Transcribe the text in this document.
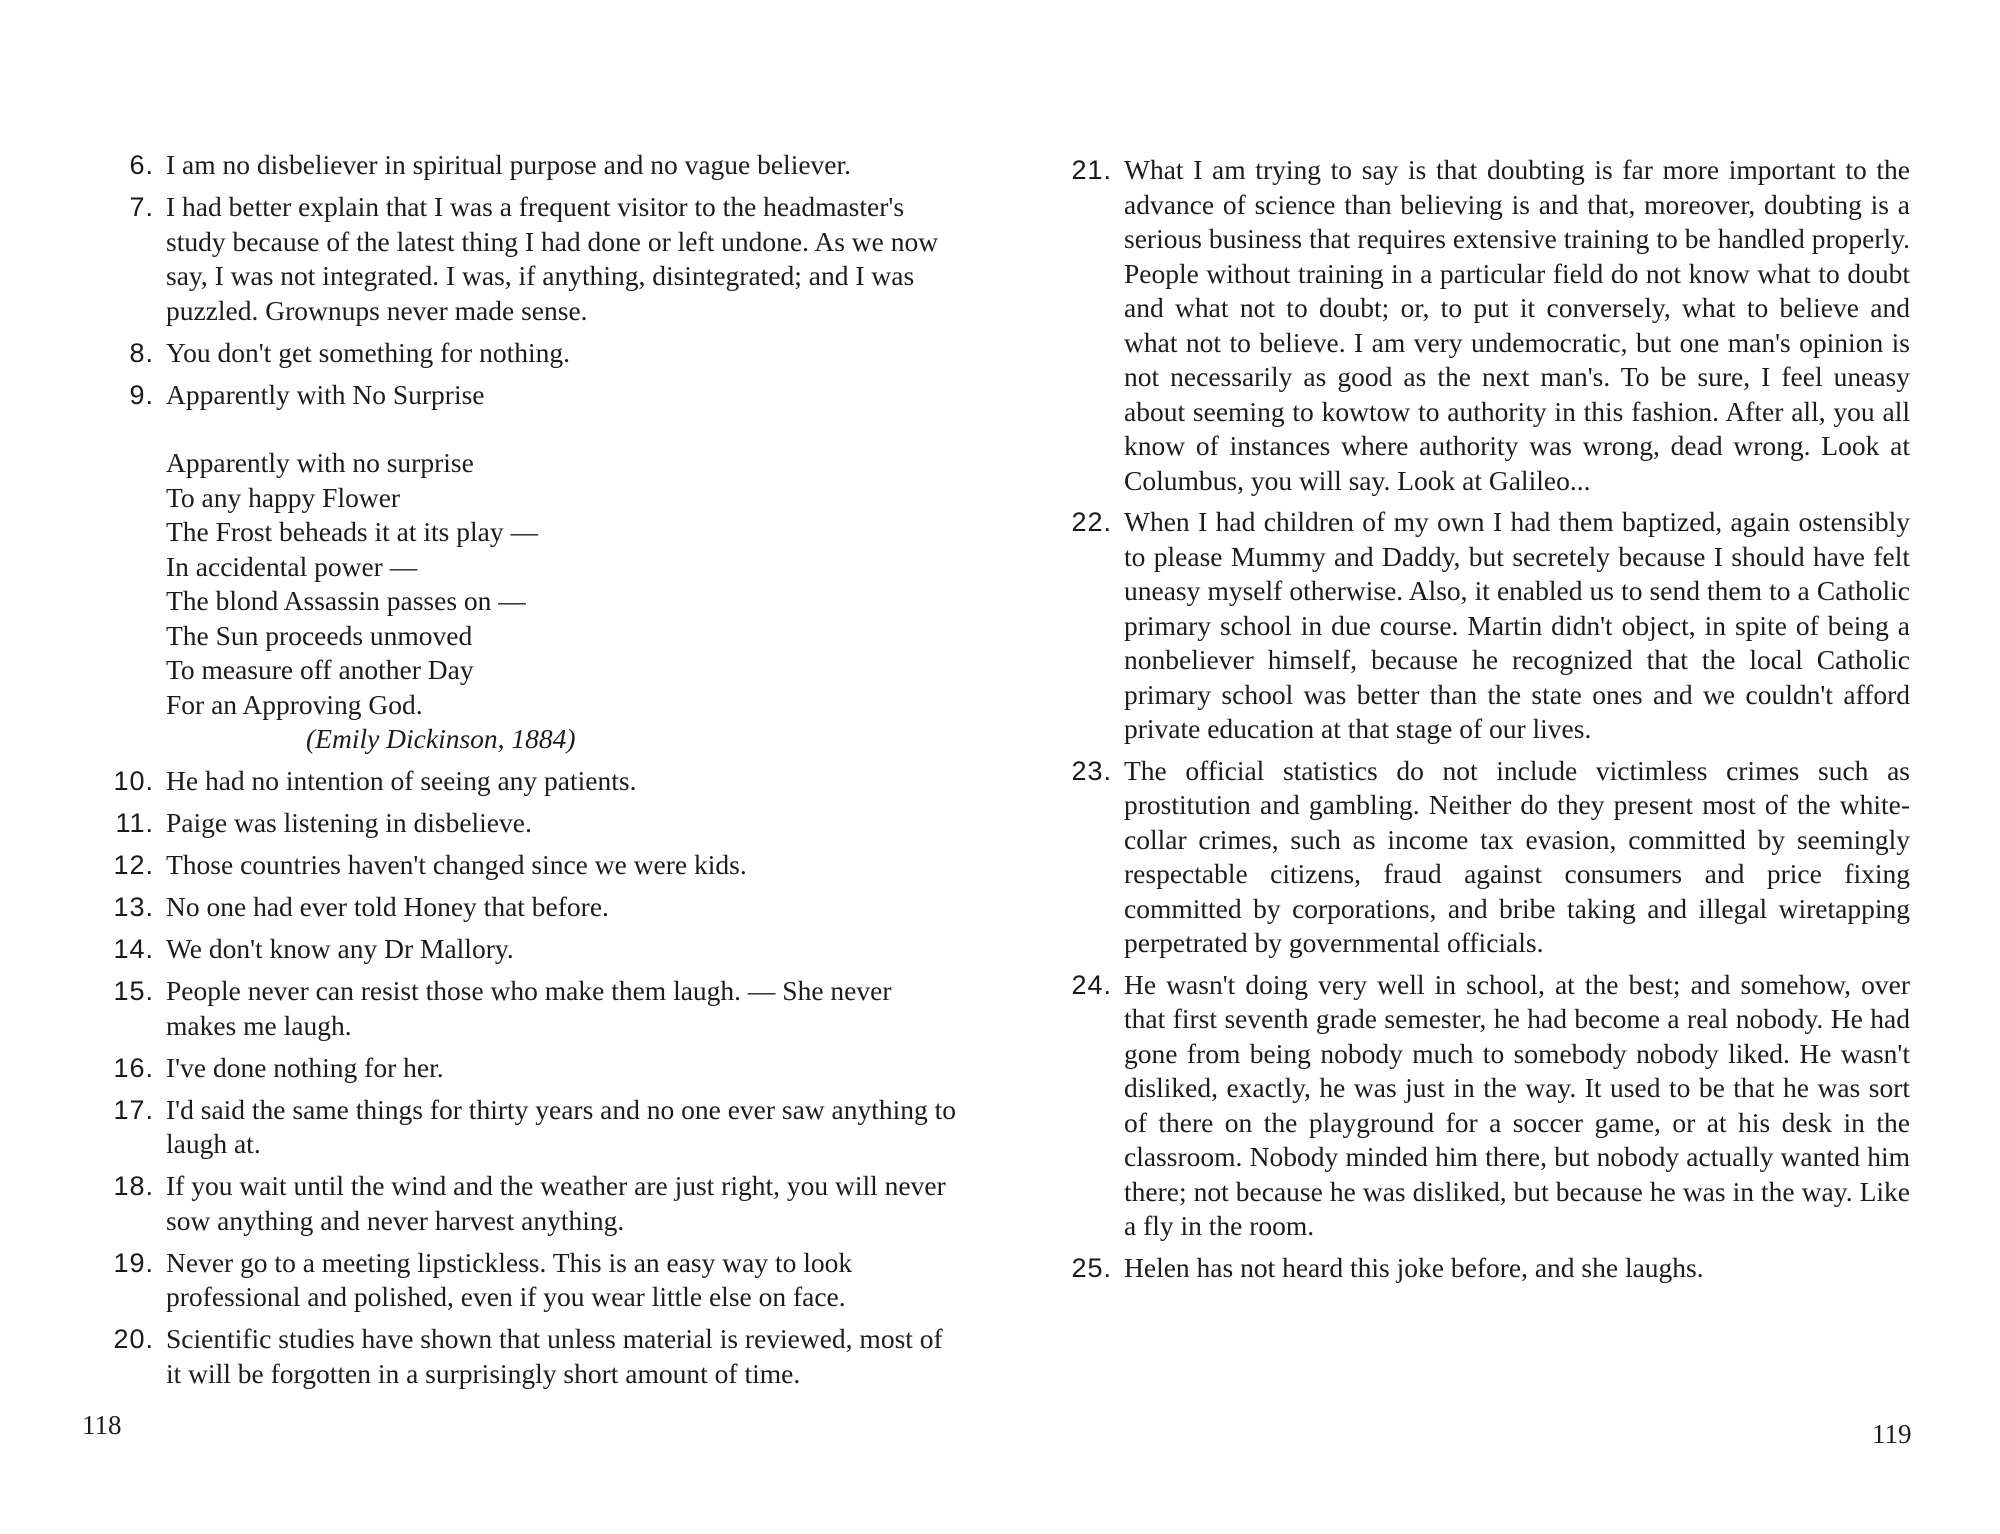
6. I am no disbeliever in spiritual purpose and no vague believer.
7. I had better explain that I was a frequent visitor to the headmaster's study because of the latest thing I had done or left undone. As we now say, I was not integrated. I was, if anything, disintegrated; and I was puzzled. Grownups never made sense.
8. You don't get something for nothing.
9. Apparently with No Surprise
Apparently with no surprise
To any happy Flower
The Frost beheads it at its play —
In accidental power —
The blond Assassin passes on —
The Sun proceeds unmoved
To measure off another Day
For an Approving God.
(Emily Dickinson, 1884)
10. He had no intention of seeing any patients.
11. Paige was listening in disbelieve.
12. Those countries haven't changed since we were kids.
13. No one had ever told Honey that before.
14. We don't know any Dr Mallory.
15. People never can resist those who make them laugh. — She never makes me laugh.
16. I've done nothing for her.
17. I'd said the same things for thirty years and no one ever saw anything to laugh at.
18. If you wait until the wind and the weather are just right, you will never sow anything and never harvest anything.
19. Never go to a meeting lipstickless. This is an easy way to look professional and polished, even if you wear little else on face.
20. Scientific studies have shown that unless material is reviewed, most of it will be forgotten in a surprisingly short amount of time.
118
21. What I am trying to say is that doubting is far more important to the advance of science than believing is and that, moreover, doubting is a serious business that requires extensive training to be handled properly. People without training in a particular field do not know what to doubt and what not to doubt; or, to put it conversely, what to believe and what not to believe. I am very undemocratic, but one man's opinion is not necessarily as good as the next man's. To be sure, I feel uneasy about seeming to kowtow to authority in this fashion. After all, you all know of instances where authority was wrong, dead wrong. Look at Columbus, you will say. Look at Galileo...
22. When I had children of my own I had them baptized, again ostensibly to please Mummy and Daddy, but secretely because I should have felt uneasy myself otherwise. Also, it enabled us to send them to a Catholic primary school in due course. Martin didn't object, in spite of being a nonbeliever himself, because he recognized that the local Catholic primary school was better than the state ones and we couldn't afford private education at that stage of our lives.
23. The official statistics do not include victimless crimes such as prostitution and gambling. Neither do they present most of the white-collar crimes, such as income tax evasion, committed by seemingly respectable citizens, fraud against consumers and price fixing committed by corporations, and bribe taking and illegal wiretapping perpetrated by governmental officials.
24. He wasn't doing very well in school, at the best; and somehow, over that first seventh grade semester, he had become a real nobody. He had gone from being nobody much to somebody nobody liked. He wasn't disliked, exactly, he was just in the way. It used to be that he was sort of there on the playground for a soccer game, or at his desk in the classroom. Nobody minded him there, but nobody actually wanted him there; not because he was disliked, but because he was in the way. Like a fly in the room.
25. Helen has not heard this joke before, and she laughs.
119
